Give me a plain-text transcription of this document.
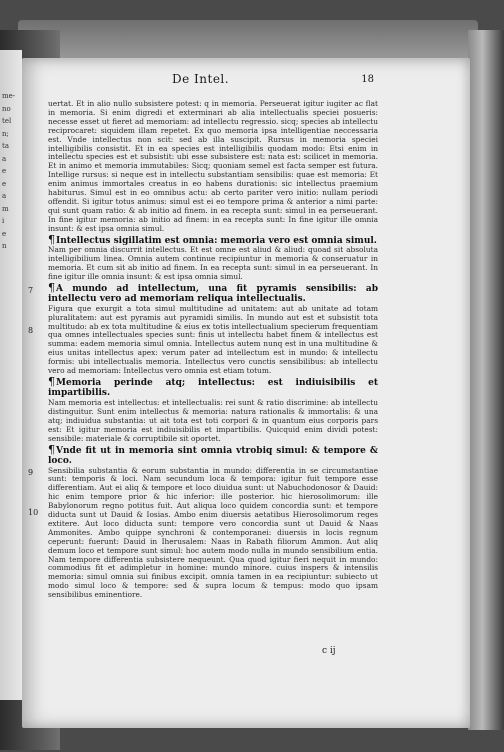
me-
no
tel
n;
ta
a
e
e
a
m
i
e
n
De Intel.	18
7
8
9
10

uertat. Et in alio nullo subsistere potest: q in memoria. Perseuerat igitur iugiter ac flat in memoria. Si enim digredi et exterminari ab alia intellectualis speciei posueris: necesse esset ut fieret ad memoriam: ad intellectu regressio. sicq; species ab intellectu reciprocaret: siquidem illam repetet. Ex quo memoria ipsa intelligentiae neccessaria est. Vnde intellectus non scit: sed ab illa suscipit. Rursus in memoria speciei intelligibilis consistit. Et in ea species est intelligibilis quodam modo: Etsi enim in intellectu species est et subsistit: ubi esse subsistere est: nata est: scilicet in memoria. Et in animo et memoria immutabiles: Sicq; quoniam semel est facta semper est futura. Intellige rursus: si neque est in intellectu substantiam sensibilis: quae est memoria: Et enim animus immortales creatus in eo habens durationis: sic intellectus praemium habiturus. Simul est in eo omnibus actu: ab certo pariter vero initio: nullam periodi offendit. Si igitur totus animus: simul est ei eo tempore prima & anterior a nimi parte: qui sunt quam ratio: & ab initio ad finem. in ea recepta sunt: simul in ea perseuerant. In fine igitur memoria: ab initio ad finem: in ea recepta sunt: In fine igitur ille omnia insunt: & est ipsa omnia simul.

¶Intellectus sigillatim est omnia: memoria vero est omnia simul.

Nam per omnia discurrit intellectus. Et est omne est aliud & aliud: quoad sit absoluta intelligibilium linea. Omnia autem continue recipiuntur in memoria & conseruatur in memoria. Et cum sit ab initio ad finem. In ea recepta sunt: simul in ea perseuerant. In fine igitur ille omnia insunt: & est ipsa omnia simul.

¶A mundo ad intellectum, una fit pyramis sensibilis: ab intellectu vero ad memoriam reliqua intellectualis.

Figura que exurgit a tota simul multitudine ad unitatem: aut ab unitate ad totam pluralitatem: aut est pyramis aut pyramidi similis. In mundo aut est et subsistit tota multitudo: ab ex tota multitudine & eius ex totis intellectualium specierum frequentiam qua omnes intellectuales species sunt: finis ut intellectu habet finem & intellectus est summa: eadem memoria simul omnia. Intellectus autem nunq est in una multitudine & eius unitas intellectus apex: verum pater ad intellectum est in mundo: & intellectu formis: ubi intellectualis memoria. Intellectus vero cunctis sensibilibus: ab intellectu vero ad memoriam: Intellectus vero omnia est etiam totum.

¶Memoria perinde atq; intellectus: est indiuisibilis et impartibilis.

Nam memoria est intellectus: et intellectualis: rei sunt & ratio discrimine: ab intellectu distinguitur. Sunt enim intellectus & memoria: natura rationalis & immortalis: & una atq; indiuidua substantia: ut ait tota est toti corpori & in quantum eius corporis pars est: Et igitur memoria est indiuisibilis et impartibilis. Quicquid enim dividi potest: sensibile: materiale & corruptibile sit oportet.

¶Vnde fit ut in memoria sint omnia vtrobiq simul: & tempore & loco.

Sensibilia substantia & eorum substantia in mundo: differentia in se circumstantiae sunt: temporis & loci. Nam secundum loca & tempora: igitur fuit tempore esse differentiam. Aut ei aliq & tempore et loco diuidua sunt: ut Nabuchodonosor & Dauid: hic enim tempore prior & hic inferior: ille posterior. hic hierosolimorum: ille Babylonorum regno potitus fuit. Aut aliqua loco quidem concordia sunt: et tempore diducta sunt ut Dauid & Iosias. Ambo enim diuersis aetatibus Hierosolimorum reges extitere. Aut loco diducta sunt: tempore vero concordia sunt ut Dauid & Naas Ammonites. Ambo quippe synchroni & contemporanei: diuersis in locis regnum ceperunt: fuerunt: Dauid in Iherusalem: Naas in Rabath filiorum Ammon. Aut aliq demum loco et tempore sunt simul: hoc autem modo nulla in mundo sensibilium entia. Nam tempore differentia subsistere nequeunt. Qua quod igitur fieri nequit in mundo: commodius fit et adimpletur in homine: mundo minore. cuius inspers & intensilis memoria: simul omnia sui finibus excipit. omnia tamen in ea recipiuntur: subiecto ut modo simul loco & tempore: sed & supra locum & tempus: modo quo ipsam sensibilibus eminentiore.

c ij
